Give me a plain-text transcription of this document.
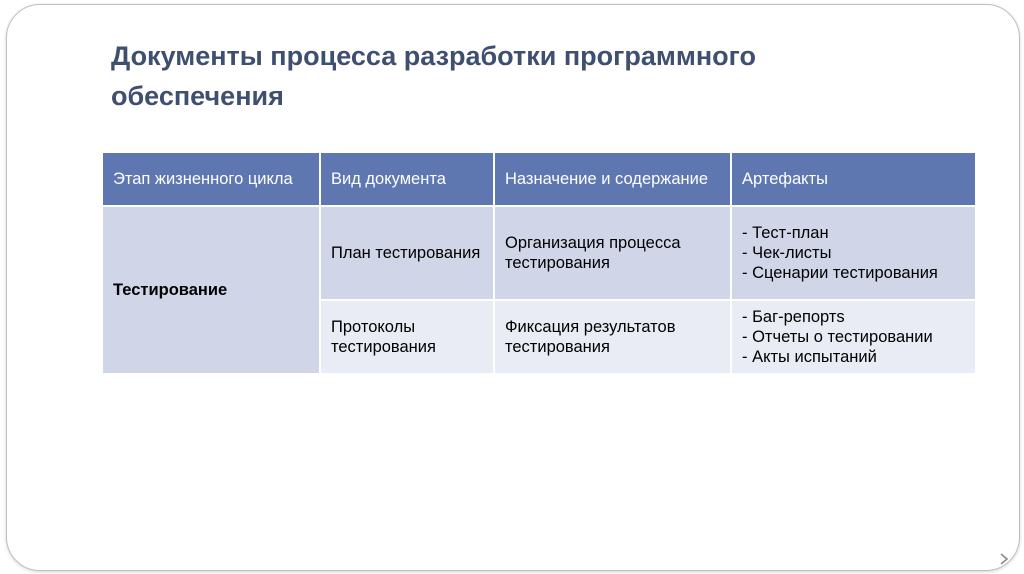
Документы процесса разработки программного обеспечения
Этап жизненного цикла	Вид документа	Назначение и содержание	Артефакты
Тестирование	План тестирования	Организация процесса тестирования	- Тест-план
- Чек-листы
- Сценарии тестирования

	Протоколы тестирования	Фиксация результатов тестирования	- Баг-репортs
- Отчеты о тестировании
- Акты испытаний
